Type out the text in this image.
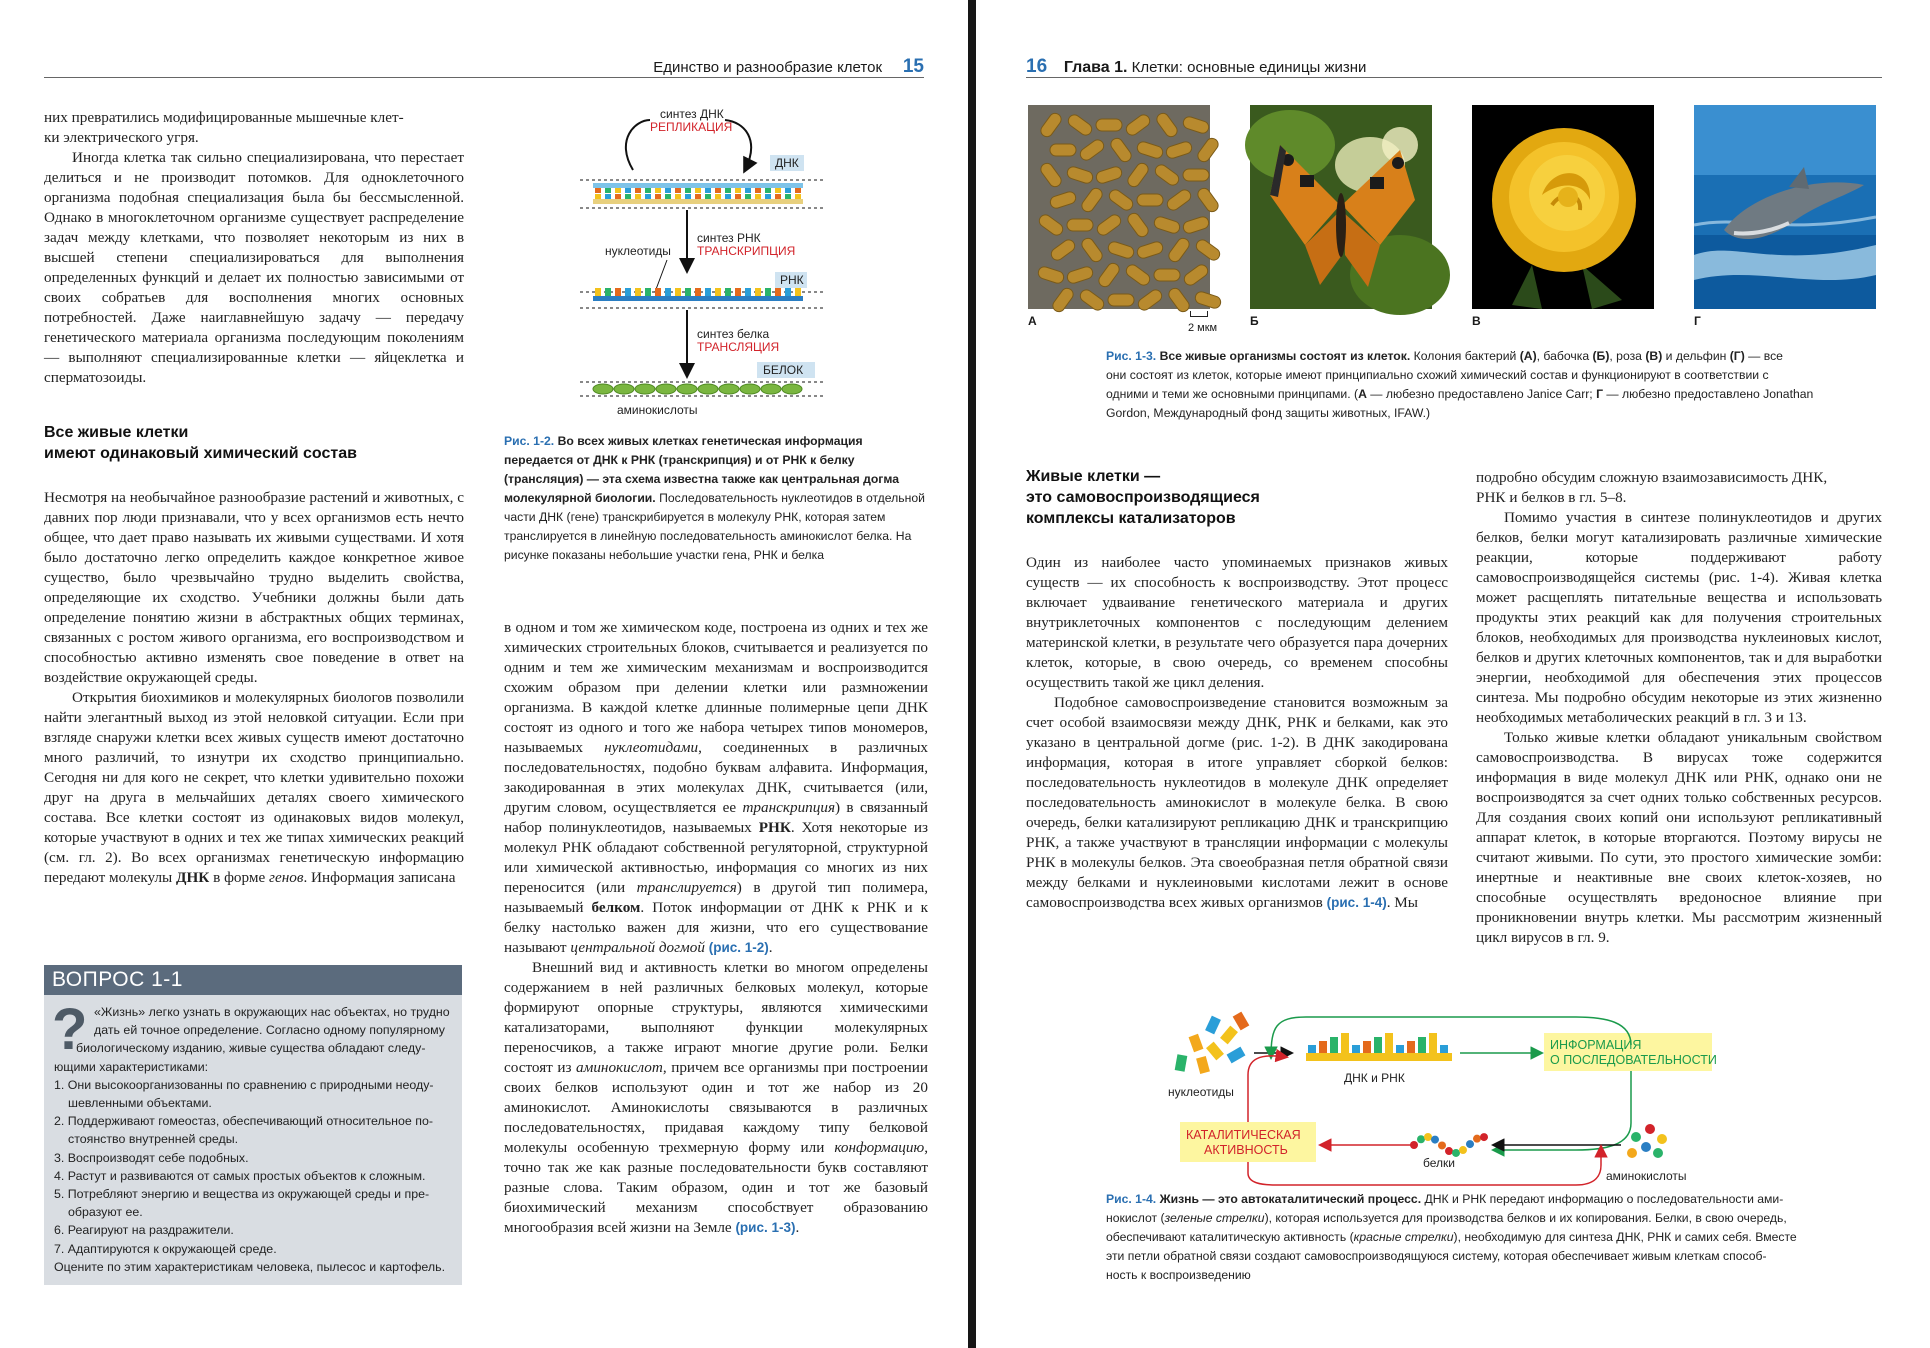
Единство и разнообразие клеток 15

них превратились модифицированные мышечные клет-
ки электрического угря.

Иногда клетка так сильно специализирована, что перестает делиться и не производит потомков. Для одноклеточного организма подобная специализация была бы бессмысленной. Однако в многоклеточном организме существует распределение задач между клетками, что позволяет некоторым из них в высшей степени специализироваться для выполнения определенных функций и делает их полностью зависимыми от своих собратьев для восполнения многих основных потребностей. Даже наиглавнейшую задачу — передачу генетического материала организма последующим поколениям — выполняют специализированные клетки — яйцеклетка и сперматозоиды.

Все живые клетки
имеют одинаковый химический состав

Несмотря на необычайное разнообразие растений и животных, с давних пор люди признавали, что у всех организмов есть нечто общее, что дает право называть их живыми существами. И хотя было достаточно легко определить каждое конкретное живое существо, было чрезвычайно трудно выделить свойства, определяющие их сходство. Учебники должны были дать определение понятию жизни в абстрактных общих терминах, связанных с ростом живого организма, его воспроизводством и способностью активно изменять свое поведение в ответ на воздействие окружающей среды.

Открытия биохимиков и молекулярных биологов позволили найти элегантный выход из этой неловкой ситуации. Если при взгляде снаружи клетки всех живых существ имеют достаточно много различий, то изнутри их сходство принципиально. Сегодня ни для кого не секрет, что клетки удивительно похожи друг на друга в мельчайших деталях своего химического состава. Все клетки состоят из одинаковых видов молекул, которые участвуют в одних и тех же типах химических реакций (см. гл. 2). Во всех организмах генетическую информацию передают молекулы ДНК в форме генов. Информация записана

ВОПРОС 1-1
? «Жизнь» легко узнать в окружающих нас объектах, но трудно
дать ей точное определение. Согласно одному популярному
биологическому изданию, живые существа обладают следу-
ющими характеристиками:
1. Они высокоорганизованны по сравнению с природными неоду-
шевленными объектами.
2. Поддерживают гомеостаз, обеспечивающий относительное по-
стоянство внутренней среды.
3. Воспроизводят себе подобных.
4. Растут и развиваются от самых простых объектов к сложным.
5. Потребляют энергию и вещества из окружающей среды и пре-
образуют ее.
6. Реагируют на раздражители.
7. Адаптируются к окружающей среде.
Оцените по этим характеристикам человека, пылесос и картофель.
синтез ДНК
РЕПЛИКАЦИЯ
ДНК
синтез РНК
ТРАНСКРИПЦИЯ
нуклеотиды
РНК
синтез белка
ТРАНСЛЯЦИЯ
БЕЛОК
аминокислоты
Рис. 1-2. Во всех живых клетках генетическая информация передается от ДНК к РНК (транскрипция) и от РНК к белку (трансляция) — эта схема известна также как центральная догма молекулярной биологии. Последовательность нуклеотидов в отдельной части ДНК (гене) транскрибируется в молекулу РНК, которая затем транслируется в линейную последовательность аминокислот белка. На рисунке показаны небольшие участки гена, РНК и белка

в одном и том же химическом коде, построена из одних и тех же химических строительных блоков, считывается и реализуется по одним и тем же химическим механизмам и воспроизводится схожим образом при делении клетки или размножении организма. В каждой клетке длинные полимерные цепи ДНК состоят из одного и того же набора четырех типов мономеров, называемых нуклеотидами, соединенных в различных последовательностях, подобно буквам алфавита. Информация, закодированная в этих молекулах ДНК, считывается (или, другим словом, осуществляется ее транскрипция) в связанный набор полинуклеотидов, называемых РНК. Хотя некоторые из молекул РНК обладают собственной регуляторной, структурной или химической активностью, информация со многих из них переносится (или транслируется) в другой тип полимера, называемый белком. Поток информации от ДНК к РНК и к белку настолько важен для жизни, что его существование называют центральной догмой (рис. 1-2).

Внешний вид и активность клетки во многом определены содержанием в ней различных белковых молекул, которые формируют опорные структуры, являются химическими катализаторами, выполняют функции молекулярных переносчиков, а также играют многие другие роли. Белки состоят из аминокислот, причем все организмы при построении своих белков используют один и тот же набор из 20 аминокислот. Аминокислоты связываются в различных последовательностях, придавая каждому типу белковой молекулы особенную трехмерную форму или конформацию, точно так же как разные последовательности букв составляют разные слова. Таким образом, один и тот же базовый биохимический механизм способствует образованию многообразия всей жизни на Земле (рис. 1-3).

16 Глава 1. Клетки: основные единицы жизни
А	Б	В	Г
2 мкм
Рис. 1-3. Все живые организмы состоят из клеток. Колония бактерий (А), бабочка (Б), роза (В) и дельфин (Г) — все
они состоят из клеток, которые имеют принципиально схожий химический состав и функционируют в соответствии с
одними и теми же основными принципами. (А — любезно предоставлено Janice Carr; Г — любезно предоставлено Jonathan
Gordon, Международный фонд защиты животных, IFAW.)
Живые клетки —
это самовоспроизводящиеся
комплексы катализаторов

Один из наиболее часто упоминаемых признаков живых существ — их способность к воспроизводству. Этот процесс включает удваивание генетического материала и других внутриклеточных компонентов с последующим делением материнской клетки, в результате чего образуется пара дочерних клеток, которые, в свою очередь, со временем способны осуществить такой же цикл деления.

Подобное самовоспроизведение становится возможным за счет особой взаимосвязи между ДНК, РНК и белками, как это указано в центральной догме (рис. 1-2). В ДНК закодирована информация, которая в итоге управляет сборкой белков: последовательность нуклеотидов в молекуле ДНК определяет последовательность аминокислот в молекуле белка. В свою очередь, белки катализируют репликацию ДНК и транскрипцию РНК, а также участвуют в трансляции информации с молекулы РНК в молекулы белков. Эта своеобразная петля обратной связи между белками и нуклеиновыми кислотами лежит в основе самовоспроизводства всех живых организмов (рис. 1-4). Мы

подробно обсудим сложную взаимозависимость ДНК,
РНК и белков в гл. 5–8.

Помимо участия в синтезе полинуклеотидов и других белков, белки могут катализировать различные химические реакции, которые поддерживают работу самовоспроизводящейся системы (рис. 1-4). Живая клетка может расщеплять питательные вещества и использовать продукты этих реакций как для получения строительных блоков, необходимых для производства нуклеиновых кислот, белков и других клеточных компонентов, так и для выработки энергии, необходимой для обеспечения этих процессов синтеза. Мы подробно обсудим некоторые из этих жизненно необходимых метаболических реакций в гл. 3 и 13.

Только живые клетки обладают уникальным свойством самовоспроизводства. В вирусах тоже содержится информация в виде молекул ДНК или РНК, однако они не воспроизводятся за счет одних только собственных ресурсов. Для создания своих копий они используют репликативный аппарат клеток, в которые вторгаются. Поэтому вирусы не считают живыми. По сути, это простого химические зомби: инертные и неактивные вне своих клеток-хозяев, но способные осуществлять вредоносное влияние при проникновении внутрь клетки. Мы рассмотрим жизненный цикл вирусов в гл. 9.

нуклеотиды
ДНК и РНК
ИНФОРМАЦИЯ
О ПОСЛЕДОВАТЕЛЬНОСТИ
аминокислоты
белки
КАТАЛИТИЧЕСКАЯ
АКТИВНОСТЬ
Рис. 1-4. Жизнь — это автокаталитический процесс. ДНК и РНК передают информацию о последовательности ами-
нокислот (зеленые стрелки), которая используется для производства белков и их копирования. Белки, в свою очередь,
обеспечивают каталитическую активность (красные стрелки), необходимую для синтеза ДНК, РНК и самих себя. Вместе
эти петли обратной связи создают самовоспроизводящуюся систему, которая обеспечивает живым клеткам способ-
ность к воспроизведению
